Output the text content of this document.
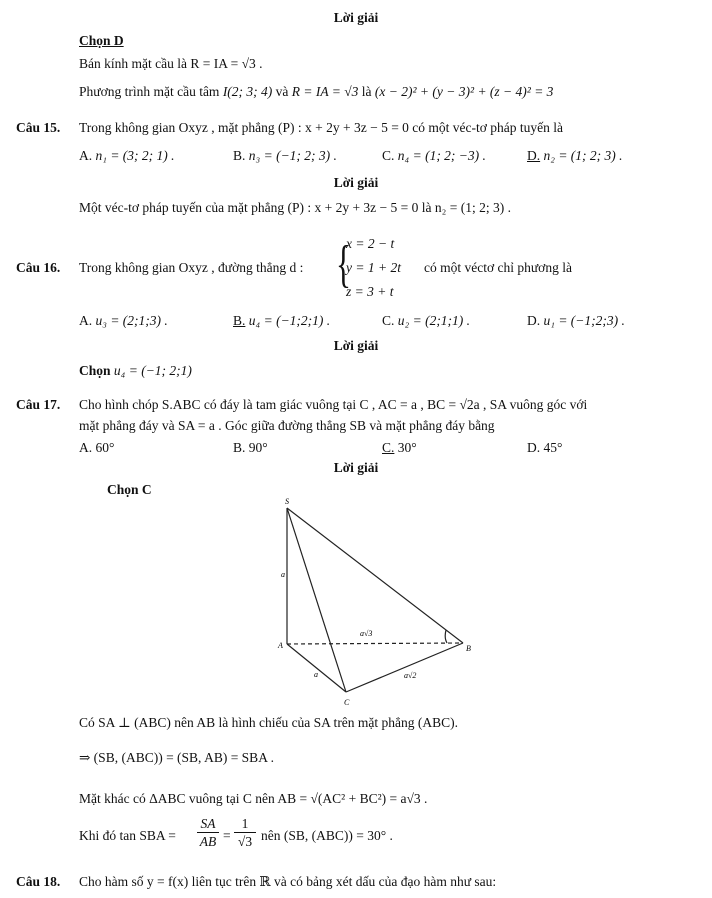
Lời giải
Chọn D
Bán kính mặt cầu là R = IA = √3 .
Phương trình mặt cầu tâm I(2; 3; 4) và R = IA = √3 là (x − 2)² + (y − 3)² + (z − 4)² = 3
Câu 15. Trong không gian Oxyz , mặt phẳng (P) : x + 2y + 3z − 5 = 0 có một véc-tơ pháp tuyến là
A. n₁ = (3; 2; 1) .	B. n₃ = (−1; 2; 3) .	C. n₄ = (1; 2; −3) .	D. n₂ = (1; 2; 3) .
Lời giải
Một véc-tơ pháp tuyến của mặt phẳng (P) : x + 2y + 3z − 5 = 0 là n₂ = (1; 2; 3) .
Câu 16. Trong không gian Oxyz , đường thẳng d : {
x = 2 − t
y = 1 + 2t
z = 3 + t
có một véctơ chỉ phương là
A. u₃ = (2;1;3) .	B. u₄ = (−1;2;1) .	C. u₂ = (2;1;1) .	D. u₁ = (−1;2;3) .
Lời giải
Chọn u₄ = (−1; 2;1)
Câu 17. Cho hình chóp S.ABC có đáy là tam giác vuông tại C , AC = a , BC = √2a , SA vuông góc với
mặt phẳng đáy và SA = a . Góc giữa đường thẳng SB và mặt phẳng đáy bằng
A. 60°	B. 90°	C. 30°	D. 45°
Lời giải
Chọn C
S
A	B
C
a
a√3
a	a√2
Có SA ⊥ (ABC) nên AB là hình chiếu của SA trên mặt phẳng (ABC).
⇒ (SB, (ABC)) = (SB, AB) = SBA .
Mặt khác có ΔABC vuông tại C nên AB = √(AC² + BC²) = a√3 .
Khi đó tan SBA = $\frac{SA}{AB} = \frac{1}{√3}$ nên (SB, (ABC)) = 30° .
Câu 18. Cho hàm số y = f(x) liên tục trên ℝ và có bảng xét dấu của đạo hàm như sau:
